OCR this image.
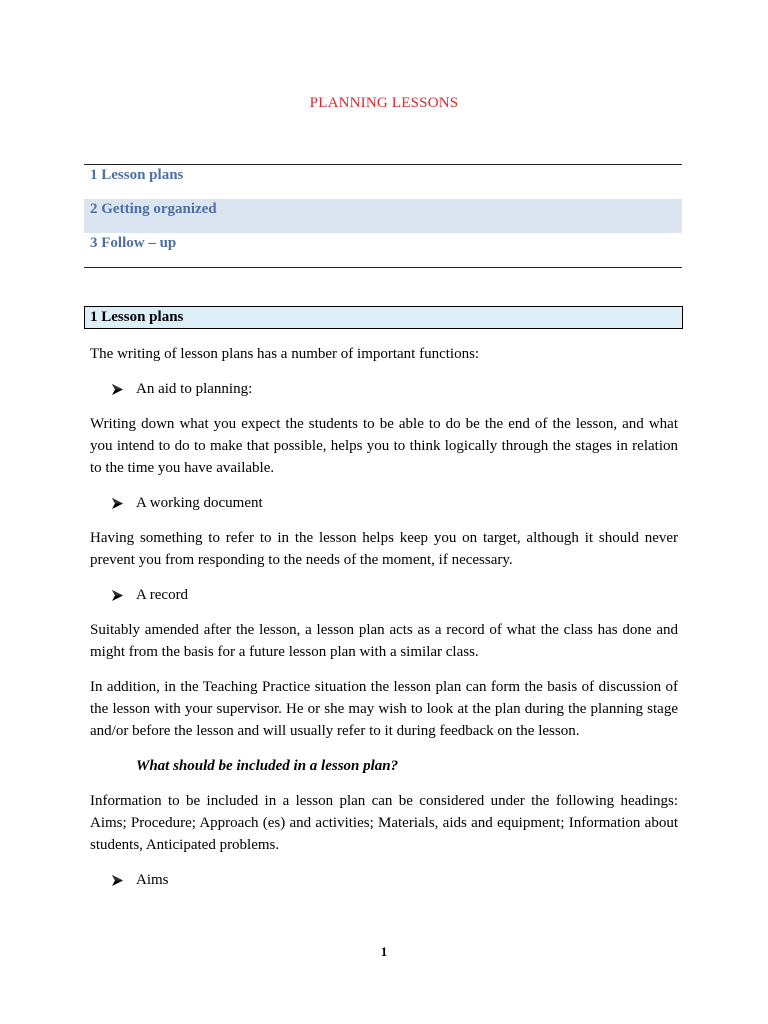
PLANNING LESSONS
1 Lesson plans
2 Getting organized
3 Follow – up
1 Lesson plans

The writing of lesson plans has a number of important functions:

An aid to planning:

Writing down what you expect the students to be able to do be the end of the lesson, and what you intend to do to make that possible, helps you to think logically through the stages in relation to the time you have available.

A working document

Having something to refer to in the lesson helps keep you on target, although it should never prevent you from responding to the needs of the moment, if necessary.

A record

Suitably amended after the lesson, a lesson plan acts as a record of what the class has done and might from the basis for a future lesson plan with a similar class.

In addition, in the Teaching Practice situation the lesson plan can form the basis of discussion of the lesson with your supervisor. He or she may wish to look at the plan during the planning stage and/or before the lesson and will usually refer to it during feedback on the lesson.

What should be included in a lesson plan?

Information to be included in a lesson plan can be considered under the following headings: Aims; Procedure; Approach (es) and activities; Materials, aids and equipment; Information about students, Anticipated problems.

Aims
1
